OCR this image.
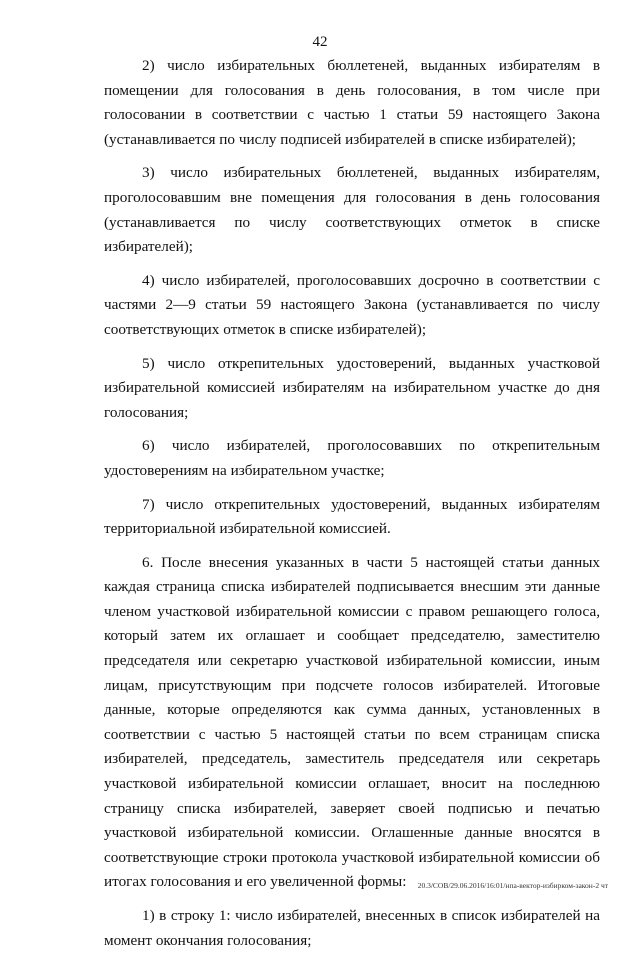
42

2) число избирательных бюллетеней, выданных избирателям в помещении для голосования в день голосования, в том числе при голосовании в соответствии с частью 1 статьи 59 настоящего Закона (устанавливается по числу подписей избирателей в списке избирателей);

3) число избирательных бюллетеней, выданных избирателям, проголосовавшим вне помещения для голосования в день голосования (устанавливается по числу соответствующих отметок в списке избирателей);

4) число избирателей, проголосовавших досрочно в соответствии с частями 2—9 статьи 59 настоящего Закона (устанавливается по числу соответствующих отметок в списке избирателей);

5) число открепительных удостоверений, выданных участковой избирательной комиссией избирателям на избирательном участке до дня голосования;

6) число избирателей, проголосовавших по открепительным удостоверениям на избирательном участке;

7) число открепительных удостоверений, выданных избирателям территориальной избирательной комиссией.

6. После внесения указанных в части 5 настоящей статьи данных каждая страница списка избирателей подписывается внесшим эти данные членом участковой избирательной комиссии с правом решающего голоса, который затем их оглашает и сообщает председателю, заместителю председателя или секретарю участковой избирательной комиссии, иным лицам, присутствующим при подсчете голосов избирателей. Итоговые данные, которые определяются как сумма данных, установленных в соответствии с частью 5 настоящей статьи по всем страницам списка избирателей, председатель, заместитель председателя или секретарь участковой избирательной комиссии оглашает, вносит на последнюю страницу списка избирателей, заверяет своей подписью и печатью участковой избирательной комиссии. Оглашенные данные вносятся в соответствующие строки протокола участковой избирательной комиссии об итогах голосования и его увеличенной формы:

1) в строку 1: число избирателей, внесенных в список избирателей на момент окончания голосования;

20.3/СОВ/29.06.2016/16:01/нпа-вектор-избирком-закон-2 чт
